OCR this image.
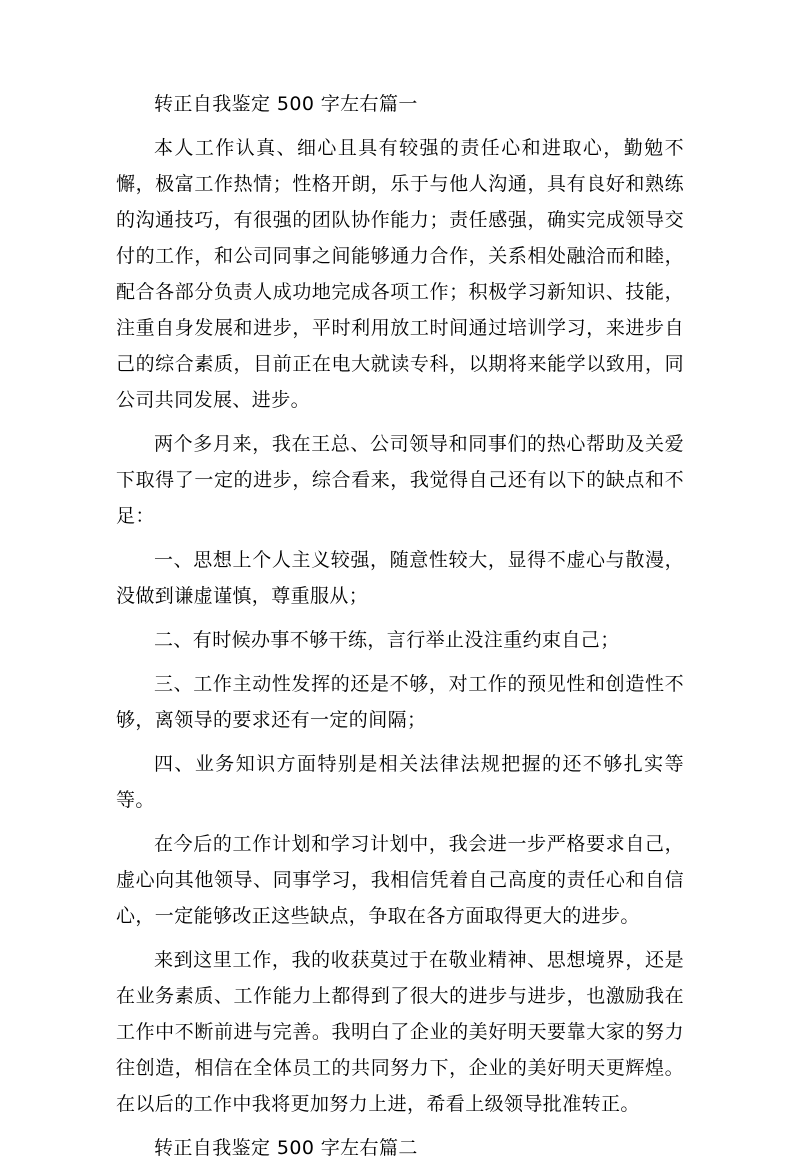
转正自我鉴定 500 字左右篇一

本人工作认真、细心且具有较强的责任心和进取心，勤勉不懈，极富工作热情；性格开朗，乐于与他人沟通，具有良好和熟练的沟通技巧，有很强的团队协作能力；责任感强，确实完成领导交付的工作，和公司同事之间能够通力合作，关系相处融洽而和睦，配合各部分负责人成功地完成各项工作；积极学习新知识、技能，注重自身发展和进步，平时利用放工时间通过培训学习，来进步自己的综合素质，目前正在电大就读专科，以期将来能学以致用，同公司共同发展、进步。

两个多月来，我在王总、公司领导和同事们的热心帮助及关爱下取得了一定的进步，综合看来，我觉得自己还有以下的缺点和不足：

一、思想上个人主义较强，随意性较大，显得不虚心与散漫，没做到谦虚谨慎，尊重服从；

二、有时候办事不够干练，言行举止没注重约束自己；

三、工作主动性发挥的还是不够，对工作的预见性和创造性不够，离领导的要求还有一定的间隔；

四、业务知识方面特别是相关法律法规把握的还不够扎实等等。

在今后的工作计划和学习计划中，我会进一步严格要求自己，虚心向其他领导、同事学习，我相信凭着自己高度的责任心和自信心，一定能够改正这些缺点，争取在各方面取得更大的进步。

来到这里工作，我的收获莫过于在敬业精神、思想境界，还是在业务素质、工作能力上都得到了很大的进步与进步，也激励我在工作中不断前进与完善。我明白了企业的美好明天要靠大家的努力往创造，相信在全体员工的共同努力下，企业的美好明天更辉煌。在以后的工作中我将更加努力上进，希看上级领导批准转正。

转正自我鉴定 500 字左右篇二
